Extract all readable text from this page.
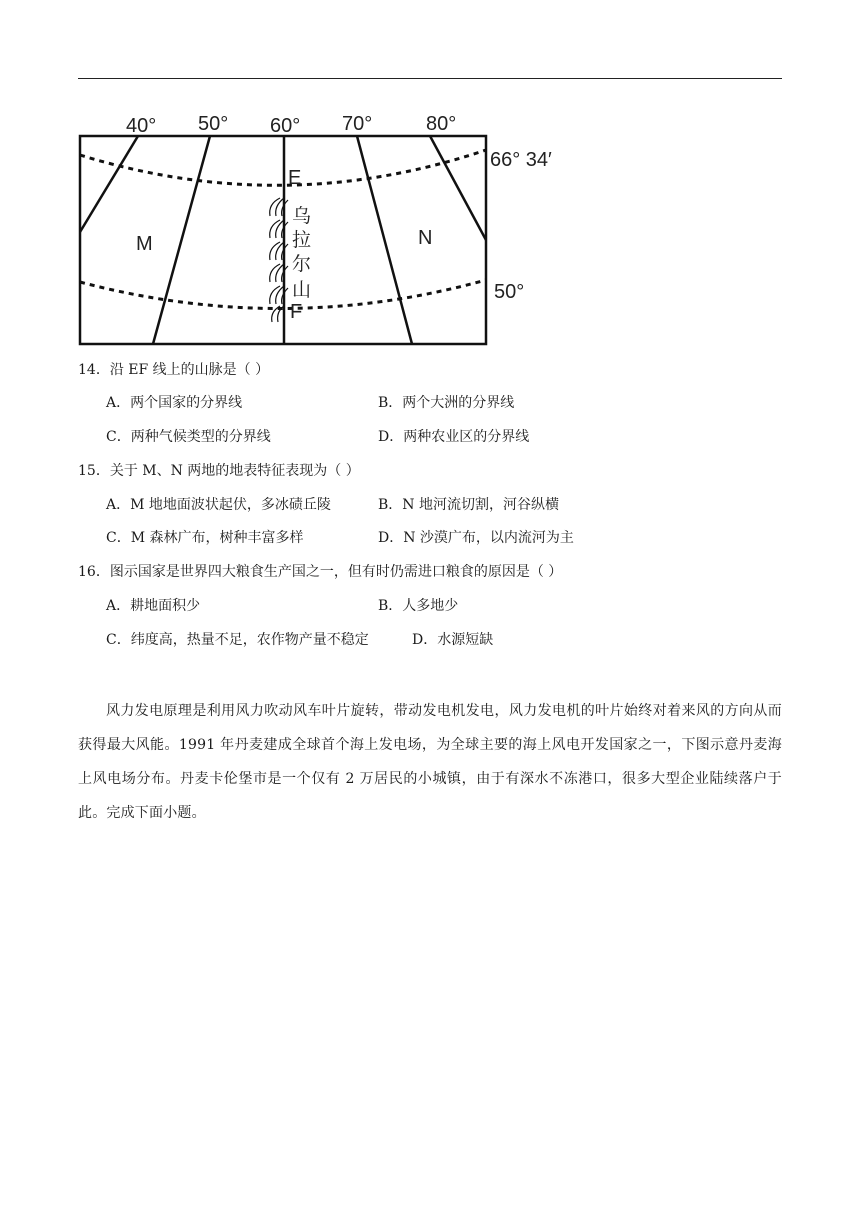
40° 50° 60° 70°	80°
66° 34′
50°
E
F
乌
拉
尔
山
M	N
14．沿 EF 线上的山脉是（ ）
A．两个国家的分界线	B．两个大洲的分界线
C．两种气候类型的分界线	D．两种农业区的分界线
15．关于 M、N 两地的地表特征表现为（ ）
A．M 地地面波状起伏，多冰碛丘陵	B．N 地河流切割，河谷纵横
C．M 森林广布，树种丰富多样	D．N 沙漠广布，以内流河为主
16．图示国家是世界四大粮食生产国之一，但有时仍需进口粮食的原因是（ ）
A．耕地面积少	B．人多地少
C．纬度高，热量不足，农作物产量不稳定	D．水源短缺
风力发电原理是利用风力吹动风车叶片旋转，带动发电机发电，风力发电机的叶片始终对着来风的方向从而获得最大风能。1991 年丹麦建成全球首个海上发电场，为全球主要的海上风电开发国家之一，下图示意丹麦海上风电场分布。丹麦卡伦堡市是一个仅有 2 万居民的小城镇，由于有深水不冻港口，很多大型企业陆续落户于此。完成下面小题。
